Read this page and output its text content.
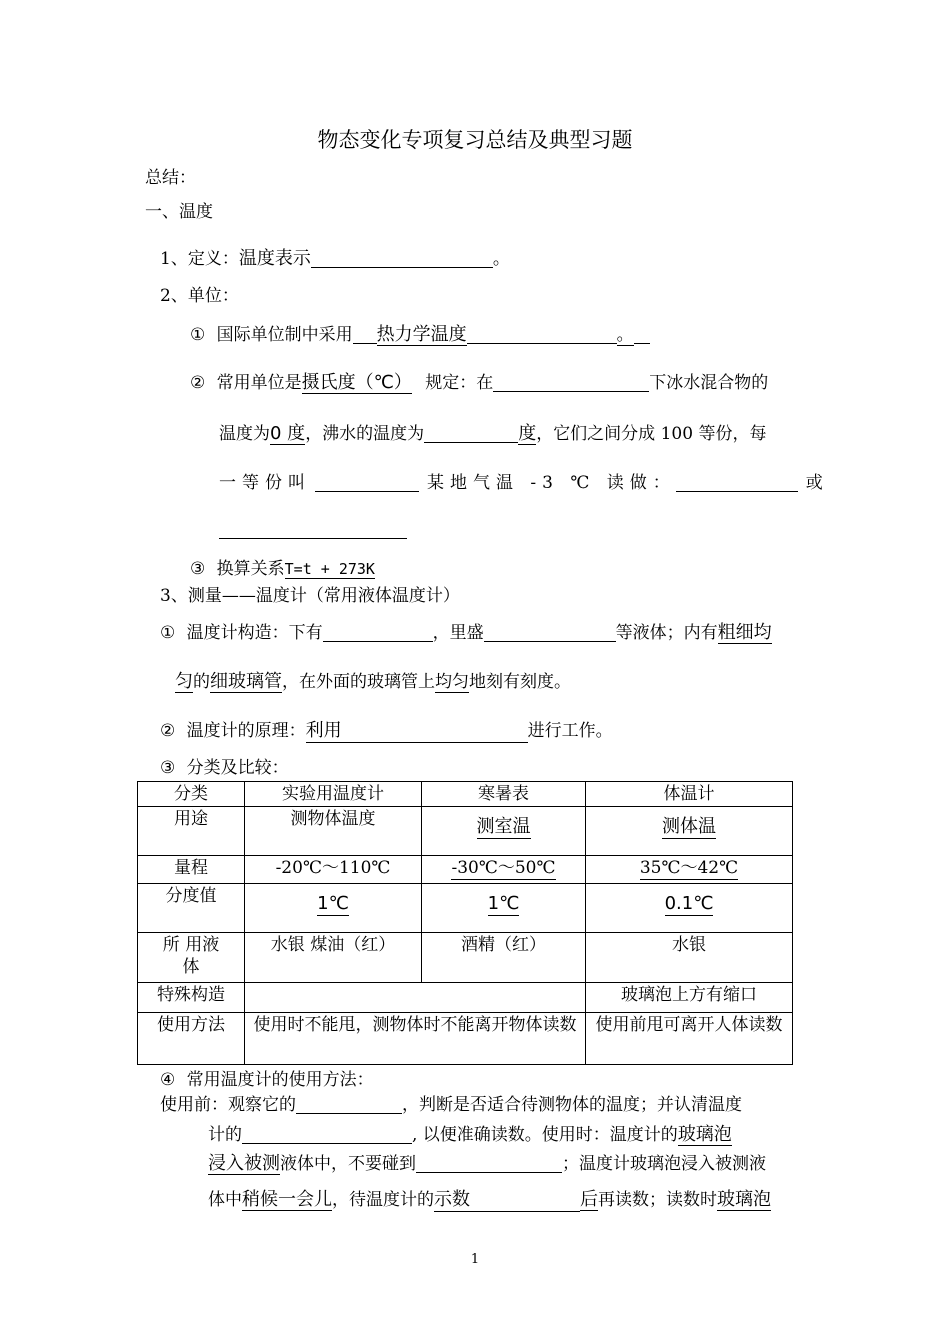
物态变化专项复习总结及典型习题
总结：
一、温度
1、定义：温度表示	。
2、单位：
① 国际单位制中采用 热力学温度	。
② 常用单位是摄氏度（℃） 规定：在	下冰水混合物的
温度为0 度，沸水的温度为	度，它们之间分成 100 等份，每
一等份叫	某地气温 -3 ℃ 读做：	或
③ 换算关系T=t + 273K
3、测量——温度计（常用液体温度计）
① 温度计构造：下有	，里盛	等液体；内有粗细均
匀的细玻璃管，在外面的玻璃管上均匀地刻有刻度。
② 温度计的原理：利用	进行工作。
③ 分类及比较：
分类	实验用温度计	寒暑表	体温计
用途	测物体温度	测室温	测体温
量程	-20℃～110℃	-30℃～50℃	35℃～42℃
分度值	1℃	1℃	0.1℃
所 用液
体	水银 煤油（红）	酒精（红）	水银
特殊构造			玻璃泡上方有缩口
使用方法	使用时不能甩，测物体时不能离开物体读数		使用前甩可离开人体读数
④ 常用温度计的使用方法：
使用前：观察它的	，判断是否适合待测物体的温度；并认清温度
计的	, 以便准确读数。使用时：温度计的玻璃泡
浸入被测液体中，不要碰到	；温度计玻璃泡浸入被测液
体中稍候一会儿，待温度计的示数	后再读数；读数时玻璃泡
1
